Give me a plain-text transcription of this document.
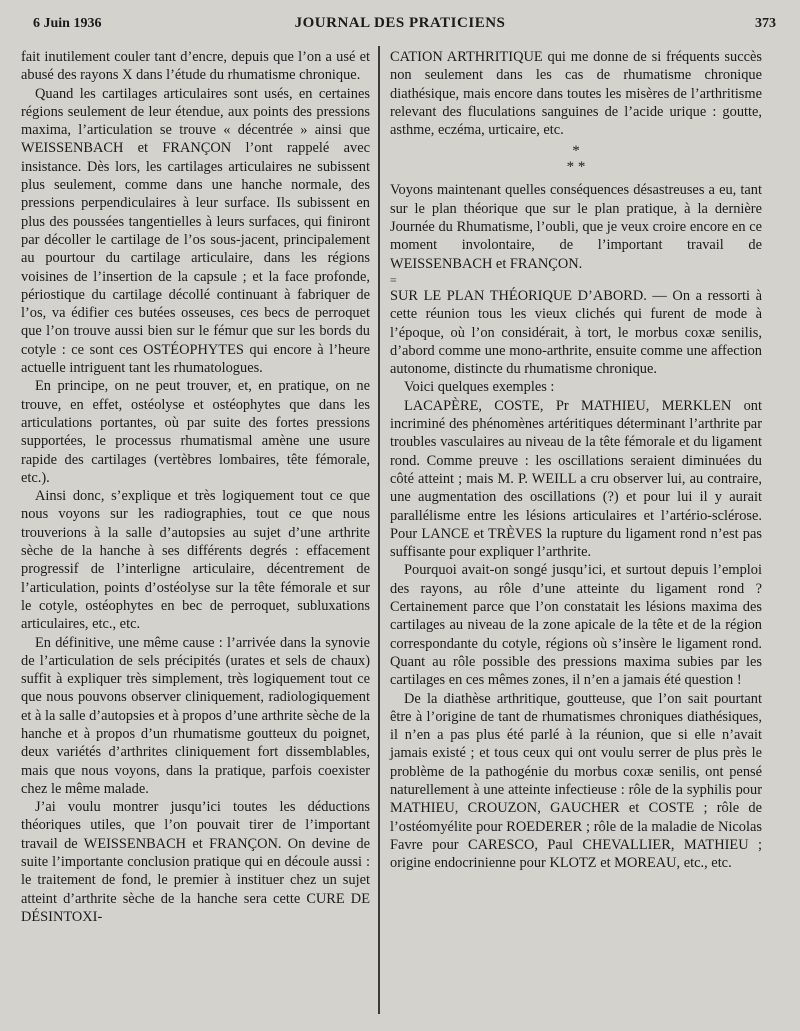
6 Juin 1936	JOURNAL DES PRATICIENS	373

fait inutilement couler tant d’encre, depuis que l’on a usé et abusé des rayons X dans l’étude du rhumatisme chronique.

Quand les cartilages articulaires sont usés, en certaines régions seulement de leur étendue, aux points des pressions maxima, l’articulation se trouve « décentrée » ainsi que WEISSENBACH et FRANÇON l’ont rappelé avec insistance. Dès lors, les cartilages articulaires ne subissent plus seulement, comme dans une hanche normale, des pressions perpendiculaires à leur surface. Ils subissent en plus des poussées tangentielles à leurs surfaces, qui finiront par décoller le cartilage de l’os sous-jacent, principalement au pourtour du cartilage articulaire, dans les régions voisines de l’insertion de la capsule ; et la face profonde, périostique du cartilage décollé continuant à fabriquer de l’os, va édifier ces butées osseuses, ces becs de perroquet que l’on trouve aussi bien sur le fémur que sur les bords du cotyle : ce sont ces OSTÉOPHYTES qui encore à l’heure actuelle intriguent tant les rhumatologues.

En principe, on ne peut trouver, et, en pratique, on ne trouve, en effet, ostéolyse et ostéophytes que dans les articulations portantes, où par suite des fortes pressions supportées, le processus rhumatismal amène une usure rapide des cartilages (vertèbres lombaires, tête fémorale, etc.).

Ainsi donc, s’explique et très logiquement tout ce que nous voyons sur les radiographies, tout ce que nous trouverions à la salle d’autopsies au sujet d’une arthrite sèche de la hanche à ses différents degrés : effacement progressif de l’interligne articulaire, décentrement de l’articulation, points d’ostéolyse sur la tête fémorale et sur le cotyle, ostéophytes en bec de perroquet, subluxations articulaires, etc., etc.

En définitive, une même cause : l’arrivée dans la synovie de l’articulation de sels précipités (urates et sels de chaux) suffit à expliquer très simplement, très logiquement tout ce que nous pouvons observer cliniquement, radiologiquement et à la salle d’autopsies et à propos d’une arthrite sèche de la hanche et à propos d’un rhumatisme goutteux du poignet, deux variétés d’arthrites cliniquement fort dissemblables, mais que nous voyons, dans la pratique, parfois coexister chez le même malade.

J’ai voulu montrer jusqu’ici toutes les déductions théoriques utiles, que l’on pouvait tirer de l’important travail de WEISSENBACH et FRANÇON. On devine de suite l’importante conclusion pratique qui en découle aussi : le traitement de fond, le premier à instituer chez un sujet atteint d’arthrite sèche de la hanche sera cette CURE DE DÉSINTOXI-

CATION ARTHRITIQUE qui me donne de si fréquents succès non seulement dans les cas de rhumatisme chronique diathésique, mais encore dans toutes les misères de l’arthritisme relevant des fluculations sanguines de l’acide urique : goutte, asthme, eczéma, urticaire, etc.

*
* *

Voyons maintenant quelles conséquences désastreuses a eu, tant sur le plan théorique que sur le plan pratique, à la dernière Journée du Rhumatisme, l’oubli, que je veux croire encore en ce moment involontaire, de l’important travail de WEISSENBACH et FRANÇON.

≡

SUR LE PLAN THÉORIQUE D’ABORD. — On a ressorti à cette réunion tous les vieux clichés qui furent de mode à l’époque, où l’on considérait, à tort, le morbus coxæ senilis, d’abord comme une mono-arthrite, ensuite comme une affection autonome, distincte du rhumatisme chronique.

Voici quelques exemples :

LACAPÈRE, COSTE, Pr MATHIEU, MERKLEN ont incriminé des phénomènes artéritiques déterminant l’arthrite par troubles vasculaires au niveau de la tête fémorale et du ligament rond. Comme preuve : les oscillations seraient diminuées du côté atteint ; mais M. P. WEILL a cru observer lui, au contraire, une augmentation des oscillations (?) et pour lui il y aurait parallélisme entre les lésions articulaires et l’artério-sclérose. Pour LANCE et TRÈVES la rupture du ligament rond n’est pas suffisante pour expliquer l’arthrite.

Pourquoi avait-on songé jusqu’ici, et surtout depuis l’emploi des rayons, au rôle d’une atteinte du ligament rond ? Certainement parce que l’on constatait les lésions maxima des cartilages au niveau de la zone apicale de la tête et de la région correspondante du cotyle, régions où s’insère le ligament rond. Quant au rôle possible des pressions maxima subies par les cartilages en ces mêmes zones, il n’en a jamais été question !

De la diathèse arthritique, goutteuse, que l’on sait pourtant être à l’origine de tant de rhumatismes chroniques diathésiques, il n’en a pas plus été parlé à la réunion, que si elle n’avait jamais existé ; et tous ceux qui ont voulu serrer de plus près le problème de la pathogénie du morbus coxæ senilis, ont pensé naturellement à une atteinte infectieuse : rôle de la syphilis pour MATHIEU, CROUZON, GAUCHER et COSTE ; rôle de l’ostéomyélite pour ROEDERER ; rôle de la maladie de Nicolas Favre pour CARESCO, Paul CHEVALLIER, MATHIEU ; origine endocrinienne pour KLOTZ et MOREAU, etc., etc.
